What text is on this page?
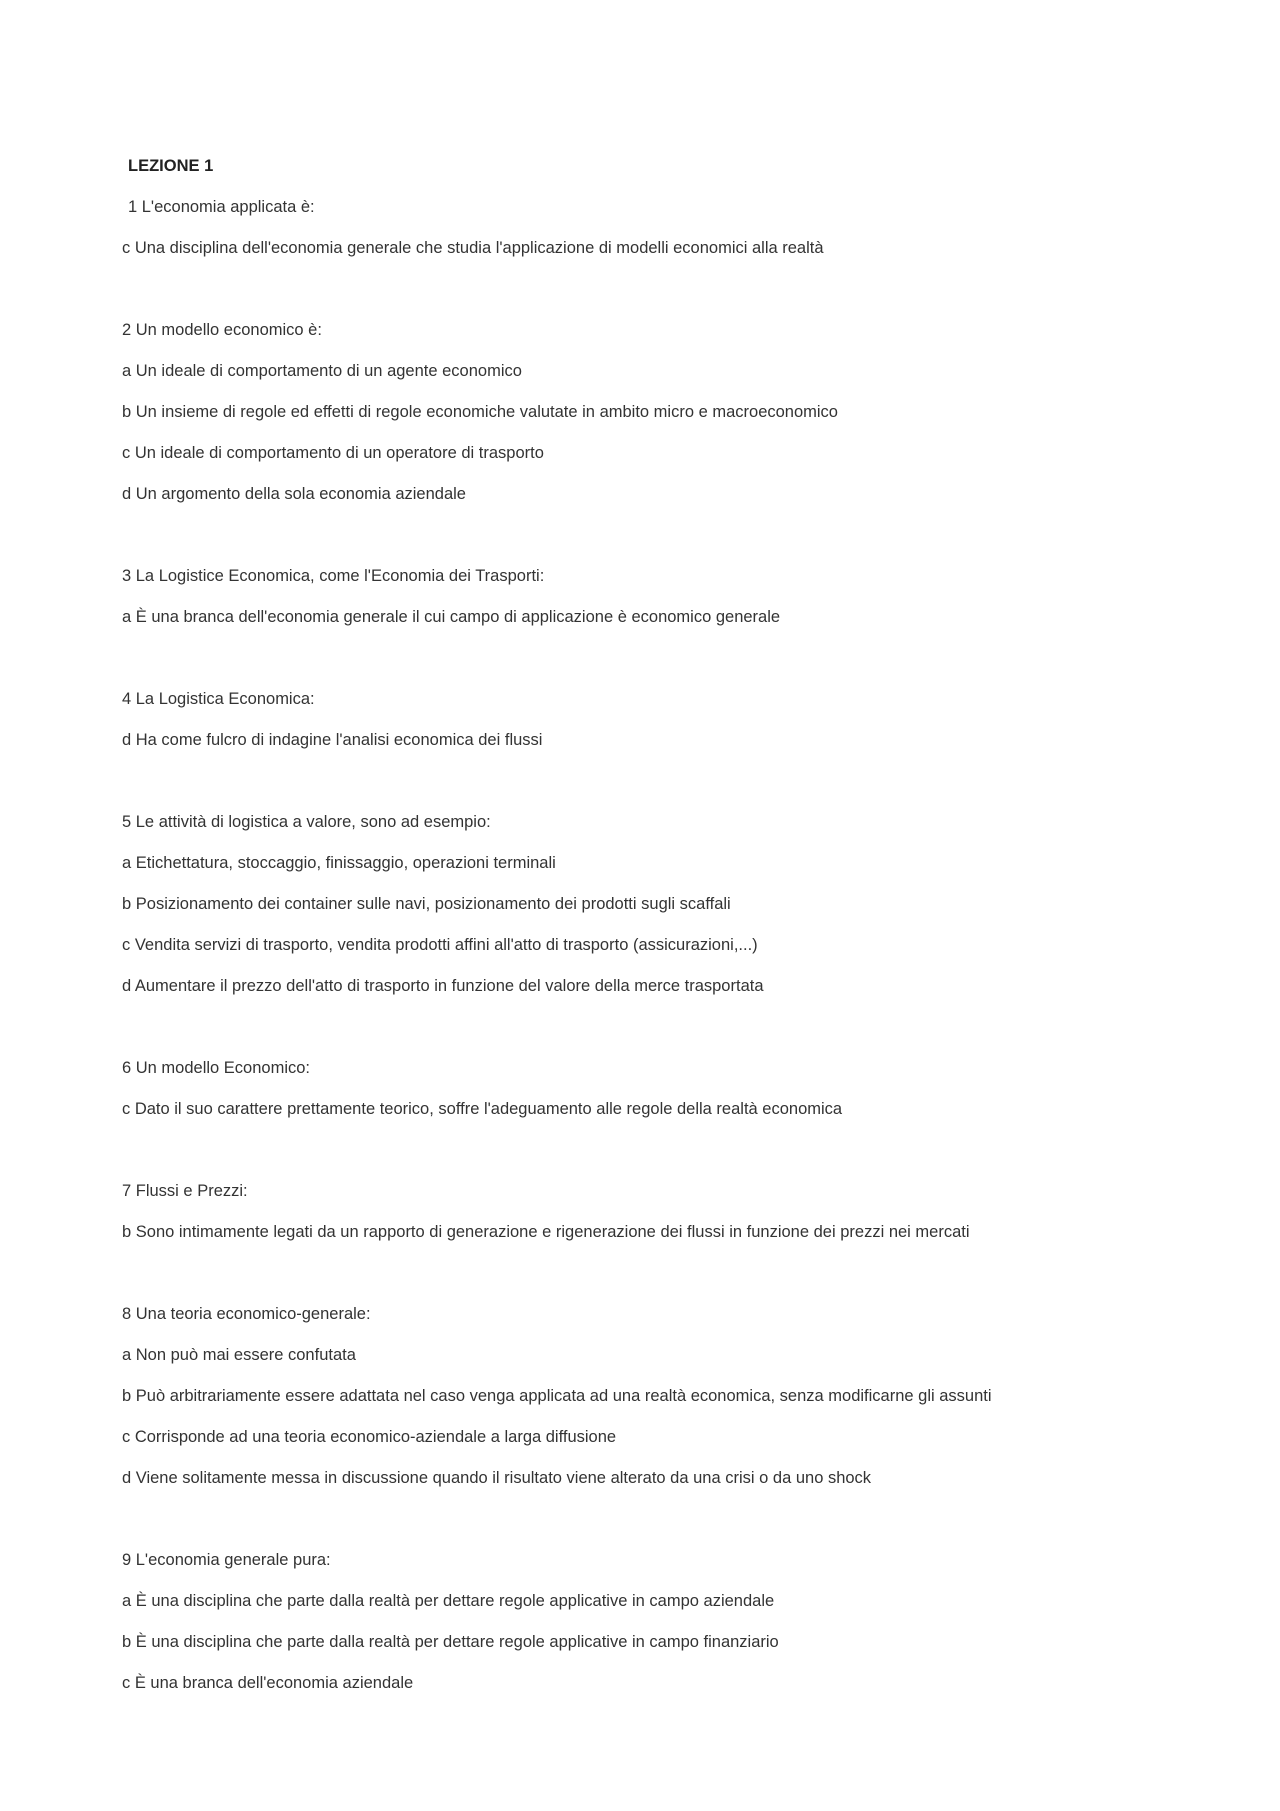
LEZIONE 1
1 L'economia applicata è:
c Una disciplina dell'economia generale che studia l'applicazione di modelli economici alla realtà
2 Un modello economico è:
a Un ideale di comportamento di un agente economico
b Un insieme di regole ed effetti di regole economiche valutate in ambito micro e macroeconomico
c Un ideale di comportamento di un operatore di trasporto
d Un argomento della sola economia aziendale
3 La Logistice Economica, come l'Economia dei Trasporti:
a È una branca dell'economia generale il cui campo di applicazione è economico generale
4 La Logistica Economica:
d Ha come fulcro di indagine l'analisi economica dei flussi
5 Le attività di logistica a valore, sono ad esempio:
a Etichettatura, stoccaggio, finissaggio, operazioni terminali
b Posizionamento dei container sulle navi, posizionamento dei prodotti sugli scaffali
c Vendita servizi di trasporto, vendita prodotti affini all'atto di trasporto (assicurazioni,...)
d Aumentare il prezzo dell'atto di trasporto in funzione del valore della merce trasportata
6 Un modello Economico:
c Dato il suo carattere prettamente teorico, soffre l'adeguamento alle regole della realtà economica
7 Flussi e Prezzi:
b Sono intimamente legati da un rapporto di generazione e rigenerazione dei flussi in funzione dei prezzi nei mercati
8 Una teoria economico-generale:
a Non può mai essere confutata
b Può arbitrariamente essere adattata nel caso venga applicata ad una realtà economica, senza modificarne gli assunti
c Corrisponde ad una teoria economico-aziendale a larga diffusione
d Viene solitamente messa in discussione quando il risultato viene alterato da una crisi o da uno shock
9 L'economia generale pura:
a È una disciplina che parte dalla realtà per dettare regole applicative in campo aziendale
b È una disciplina che parte dalla realtà per dettare regole applicative in campo finanziario
c È una branca dell'economia aziendale
